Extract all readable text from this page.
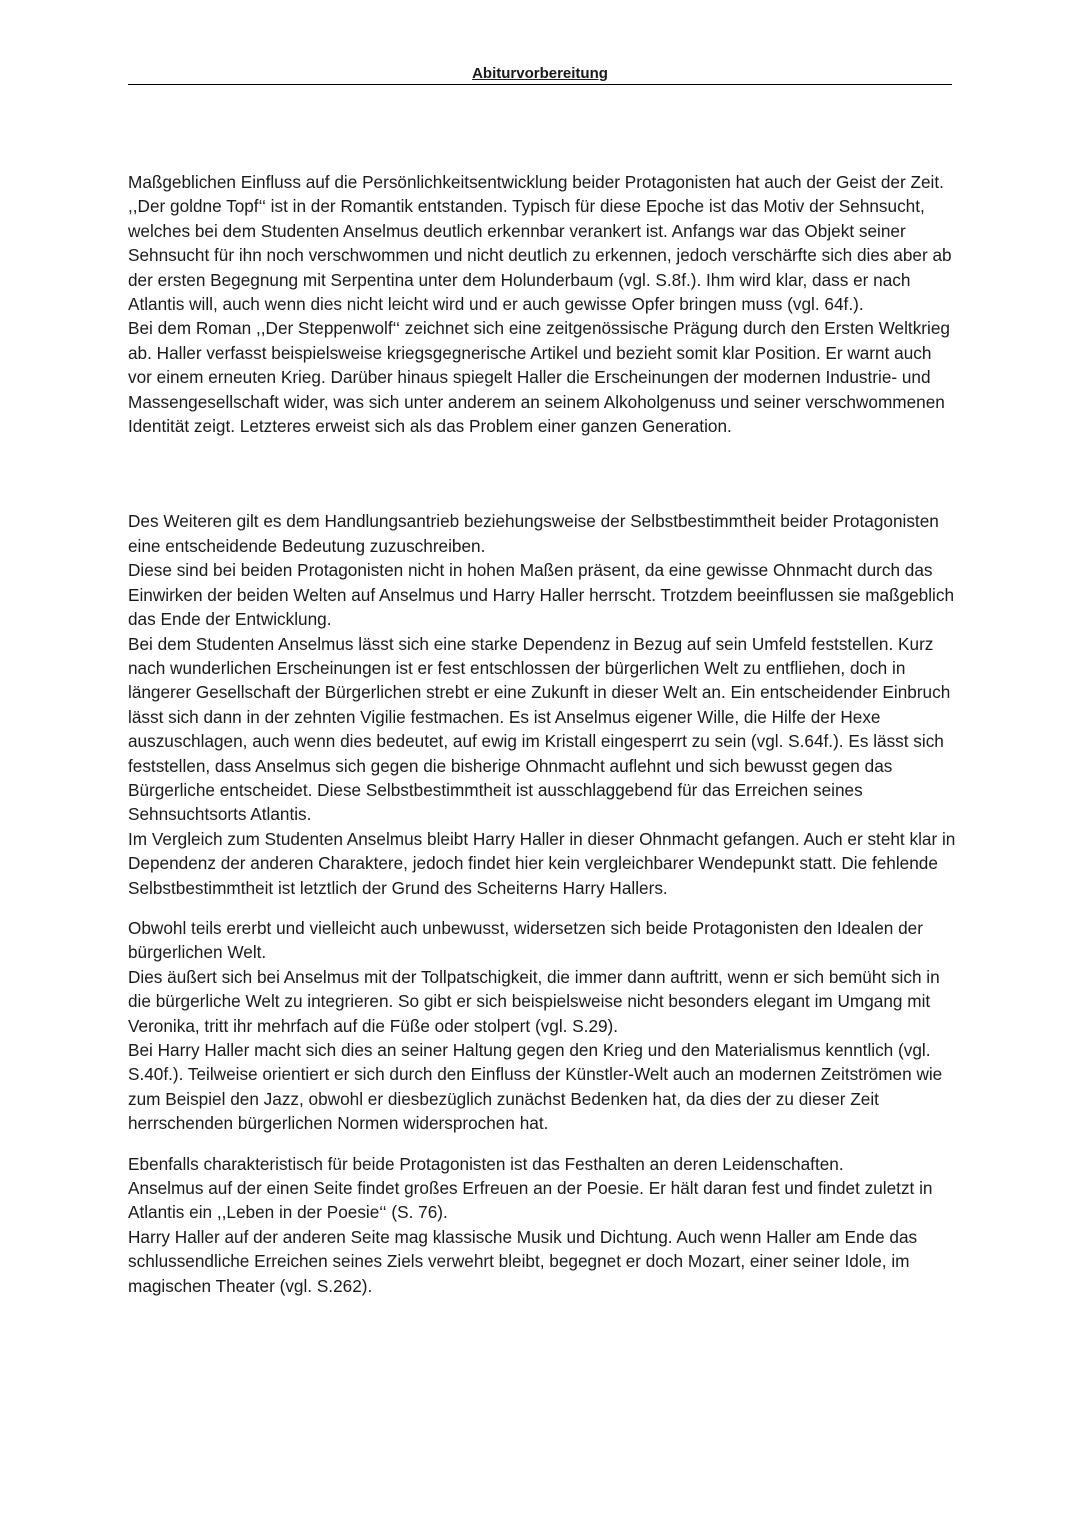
Abiturvorbereitung

Maßgeblichen Einfluss auf die Persönlichkeitsentwicklung beider Protagonisten hat auch der Geist der Zeit.

,,Der goldne Topf‘‘ ist in der Romantik entstanden. Typisch für diese Epoche ist das Motiv der Sehnsucht, welches bei dem Studenten Anselmus deutlich erkennbar verankert ist. Anfangs war das Objekt seiner Sehnsucht für ihn noch verschwommen und nicht deutlich zu erkennen, jedoch verschärfte sich dies aber ab der ersten Begegnung mit Serpentina unter dem Holunderbaum (vgl. S.8f.). Ihm wird klar, dass er nach Atlantis will, auch wenn dies nicht leicht wird und er auch gewisse Opfer bringen muss (vgl. 64f.).

Bei dem Roman ,,Der Steppenwolf‘‘ zeichnet sich eine zeitgenössische Prägung durch den Ersten Weltkrieg ab. Haller verfasst beispielsweise kriegsgegnerische Artikel und bezieht somit klar Position. Er warnt auch vor einem erneuten Krieg. Darüber hinaus spiegelt Haller die Erscheinungen der modernen Industrie- und Massengesellschaft wider, was sich unter anderem an seinem Alkoholgenuss und seiner verschwommenen Identität zeigt. Letzteres erweist sich als das Problem einer ganzen Generation.

Des Weiteren gilt es dem Handlungsantrieb beziehungsweise der Selbstbestimmtheit beider Protagonisten eine entscheidende Bedeutung zuzuschreiben.

Diese sind bei beiden Protagonisten nicht in hohen Maßen präsent, da eine gewisse Ohnmacht durch das Einwirken der beiden Welten auf Anselmus und Harry Haller herrscht. Trotzdem beeinflussen sie maßgeblich das Ende der Entwicklung.

Bei dem Studenten Anselmus lässt sich eine starke Dependenz in Bezug auf sein Umfeld feststellen. Kurz nach wunderlichen Erscheinungen ist er fest entschlossen der bürgerlichen Welt zu entfliehen, doch in längerer Gesellschaft der Bürgerlichen strebt er eine Zukunft in dieser Welt an. Ein entscheidender Einbruch lässt sich dann in der zehnten Vigilie festmachen. Es ist Anselmus eigener Wille, die Hilfe der Hexe auszuschlagen, auch wenn dies bedeutet, auf ewig im Kristall eingesperrt zu sein (vgl. S.64f.). Es lässt sich feststellen, dass Anselmus sich gegen die bisherige Ohnmacht auflehnt und sich bewusst gegen das Bürgerliche entscheidet. Diese Selbstbestimmtheit ist ausschlaggebend für das Erreichen seines Sehnsuchtsorts Atlantis.

Im Vergleich zum Studenten Anselmus bleibt Harry Haller in dieser Ohnmacht gefangen. Auch er steht klar in Dependenz der anderen Charaktere, jedoch findet hier kein vergleichbarer Wendepunkt statt. Die fehlende Selbstbestimmtheit ist letztlich der Grund des Scheiterns Harry Hallers.

Obwohl teils ererbt und vielleicht auch unbewusst, widersetzen sich beide Protagonisten den Idealen der bürgerlichen Welt.

Dies äußert sich bei Anselmus mit der Tollpatschigkeit, die immer dann auftritt, wenn er sich bemüht sich in die bürgerliche Welt zu integrieren. So gibt er sich beispielsweise nicht besonders elegant im Umgang mit Veronika, tritt ihr mehrfach auf die Füße oder stolpert (vgl. S.29).

Bei Harry Haller macht sich dies an seiner Haltung gegen den Krieg und den Materialismus kenntlich (vgl. S.40f.). Teilweise orientiert er sich durch den Einfluss der Künstler-Welt auch an modernen Zeitströmen wie zum Beispiel den Jazz, obwohl er diesbezüglich zunächst Bedenken hat, da dies der zu dieser Zeit herrschenden bürgerlichen Normen widersprochen hat.

Ebenfalls charakteristisch für beide Protagonisten ist das Festhalten an deren Leidenschaften.

Anselmus auf der einen Seite findet großes Erfreuen an der Poesie. Er hält daran fest und findet zuletzt in Atlantis ein ,,Leben in der Poesie‘‘ (S. 76).

Harry Haller auf der anderen Seite mag klassische Musik und Dichtung. Auch wenn Haller am Ende das schlussendliche Erreichen seines Ziels verwehrt bleibt, begegnet er doch Mozart, einer seiner Idole, im magischen Theater (vgl. S.262).
